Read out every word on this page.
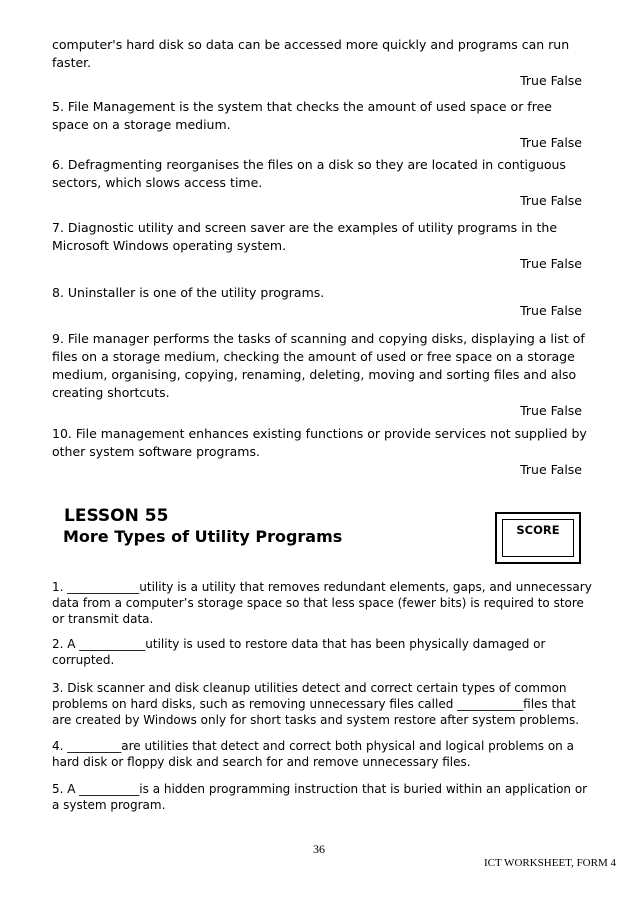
computer's hard disk so data can be accessed more quickly and programs can run faster.
True False
5. File Management is the system that checks the amount of used space or free space on a storage medium.
True False
6. Defragmenting reorganises the files on a disk so they are located in contiguous sectors, which slows access time.
True False
7. Diagnostic utility and screen saver are the examples of utility programs in the Microsoft Windows operating system.
True False
8. Uninstaller is one of the utility programs.
True False
9. File manager performs the tasks of scanning and copying disks, displaying a list of files on a storage medium, checking the amount of used or free space on a storage medium, organising, copying, renaming, deleting, moving and sorting files and also creating shortcuts.
True False
10. File management enhances existing functions or provide services not supplied by other system software programs.
True False
LESSON 55
More Types of Utility Programs	SCORE
1. ____________utility is a utility that removes redundant elements, gaps, and unnecessary data from a computer’s storage space so that less space (fewer bits) is required to store or transmit data.
2. A ___________utility is used to restore data that has been physically damaged or corrupted.
3. Disk scanner and disk cleanup utilities detect and correct certain types of common problems on hard disks, such as removing unnecessary files called ___________files that are created by Windows only for short tasks and system restore after system problems.
4. _________are utilities that detect and correct both physical and logical problems on a hard disk or floppy disk and search for and remove unnecessary files.
5. A __________is a hidden programming instruction that is buried within an application or a system program.
36
ICT WORKSHEET, FORM 4
